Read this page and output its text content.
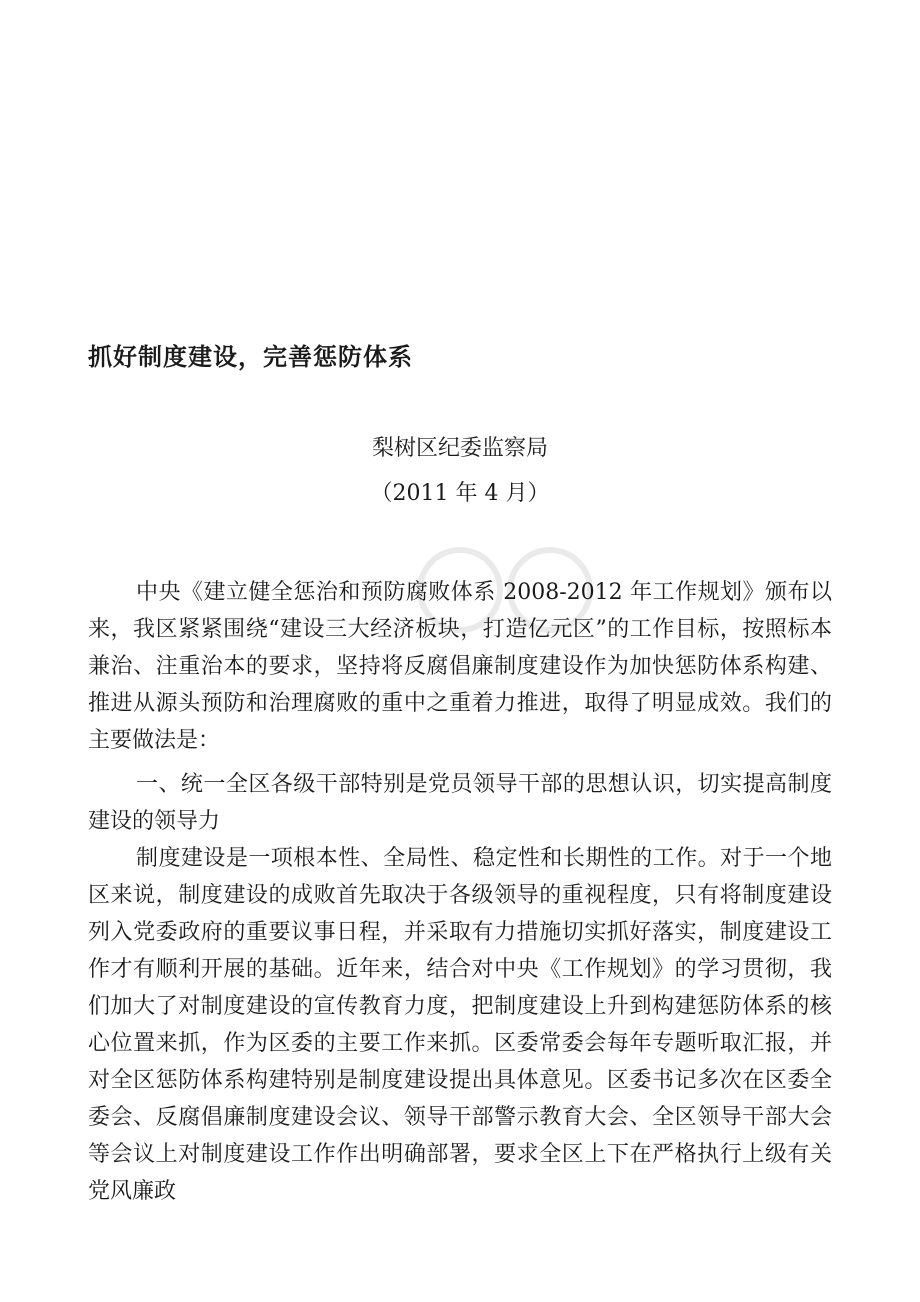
抓好制度建设，完善惩防体系
梨树区纪委监察局
（2011 年 4 月）

中央《建立健全惩治和预防腐败体系 2008-2012 年工作规划》颁布以来，我区紧紧围绕“建设三大经济板块，打造亿元区”的工作目标，按照标本兼治、注重治本的要求，坚持将反腐倡廉制度建设作为加快惩防体系构建、推进从源头预防和治理腐败的重中之重着力推进，取得了明显成效。我们的主要做法是：

一、统一全区各级干部特别是党员领导干部的思想认识，切实提高制度建设的领导力

制度建设是一项根本性、全局性、稳定性和长期性的工作。对于一个地区来说，制度建设的成败首先取决于各级领导的重视程度，只有将制度建设列入党委政府的重要议事日程，并采取有力措施切实抓好落实，制度建设工作才有顺利开展的基础。近年来，结合对中央《工作规划》的学习贯彻，我们加大了对制度建设的宣传教育力度，把制度建设上升到构建惩防体系的核心位置来抓，作为区委的主要工作来抓。区委常委会每年专题听取汇报，并对全区惩防体系构建特别是制度建设提出具体意见。区委书记多次在区委全委会、反腐倡廉制度建设会议、领导干部警示教育大会、全区领导干部大会等会议上对制度建设工作作出明确部署，要求全区上下在严格执行上级有关党风廉政
